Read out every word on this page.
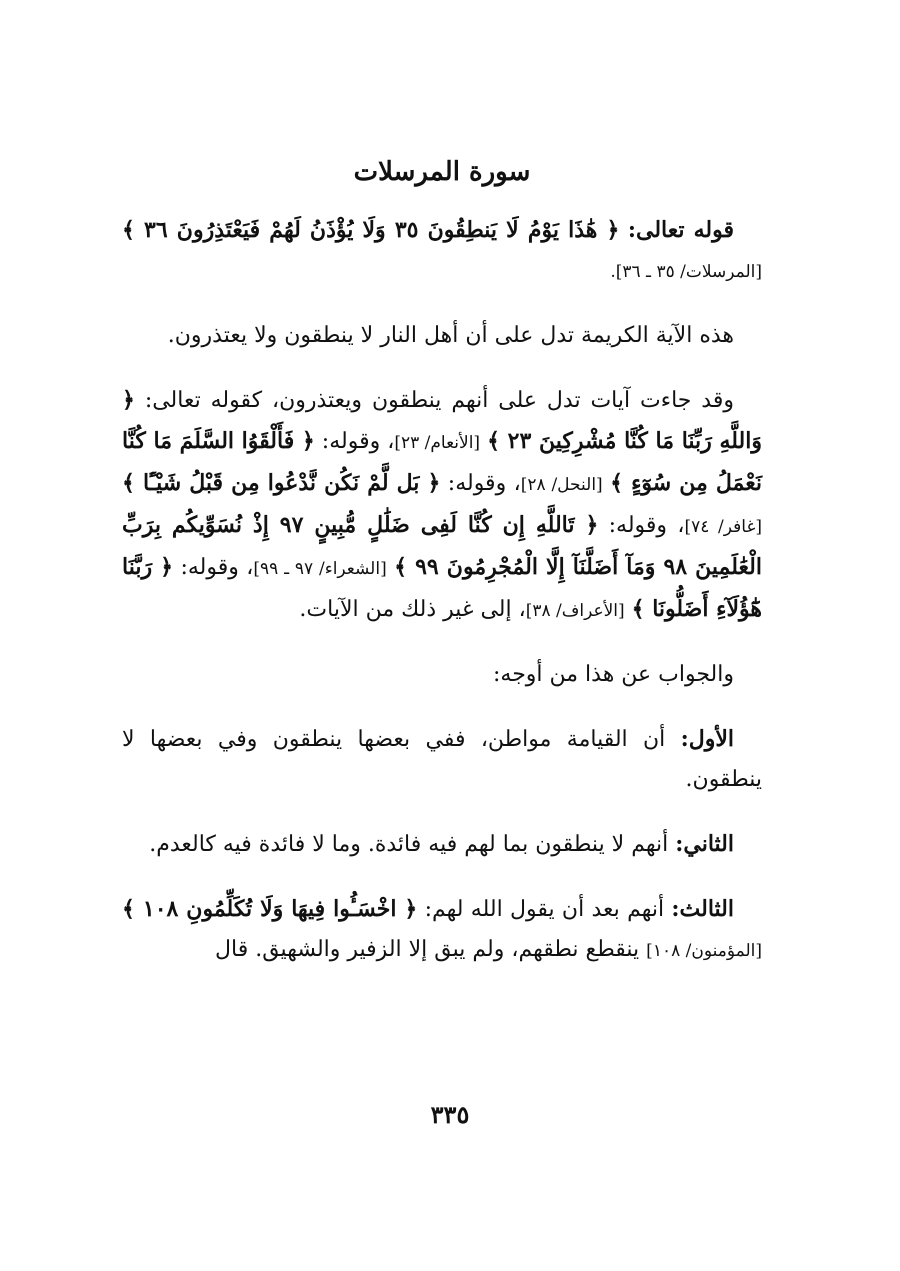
سورة المرسلات

قوله تعالى: ﴿ هَٰذَا يَوْمُ لَا يَنطِقُونَ ٣٥ وَلَا يُؤْذَنُ لَهُمْ فَيَعْتَذِرُونَ ٣٦ ﴾ [المرسلات/ ٣٥ ـ ٣٦].

هذه الآية الكريمة تدل على أن أهل النار لا ينطقون ولا يعتذرون.

وقد جاءت آيات تدل على أنهم ينطقون ويعتذرون، كقوله تعالى: ﴿ وَاللَّهِ رَبِّنَا مَا كُنَّا مُشْرِكِينَ ٢٣ ﴾ [الأنعام/ ٢٣]، وقوله: ﴿ فَأَلْقَوُا السَّلَمَ مَا كُنَّا نَعْمَلُ مِن سُوٓءٍ ﴾ [النحل/ ٢٨]، وقوله: ﴿ بَل لَّمْ نَكُن نَّدْعُوا مِن قَبْلُ شَيْـًٔا ﴾ [غافر/ ٧٤]، وقوله: ﴿ تَاللَّهِ إِن كُنَّا لَفِى ضَلَٰلٍ مُّبِينٍ ٩٧ إِذْ نُسَوِّيكُم بِرَبِّ الْعَٰلَمِينَ ٩٨ وَمَآ أَضَلَّنَآ إِلَّا الْمُجْرِمُونَ ٩٩ ﴾ [الشعراء/ ٩٧ ـ ٩٩]، وقوله: ﴿ رَبَّنَا هَٰٓؤُلَآءِ أَضَلُّونَا ﴾ [الأعراف/ ٣٨]، إلى غير ذلك من الآيات.

والجواب عن هذا من أوجه:

الأول: أن القيامة مواطن، ففي بعضها ينطقون وفي بعضها لا ينطقون.

الثاني: أنهم لا ينطقون بما لهم فيه فائدة. وما لا فائدة فيه كالعدم.

الثالث: أنهم بعد أن يقول الله لهم: ﴿ اخْسَـُٔوا فِيهَا وَلَا تُكَلِّمُونِ ١٠٨ ﴾ [المؤمنون/ ١٠٨] ينقطع نطقهم، ولم يبق إلا الزفير والشهيق. قال

٣٣٥
